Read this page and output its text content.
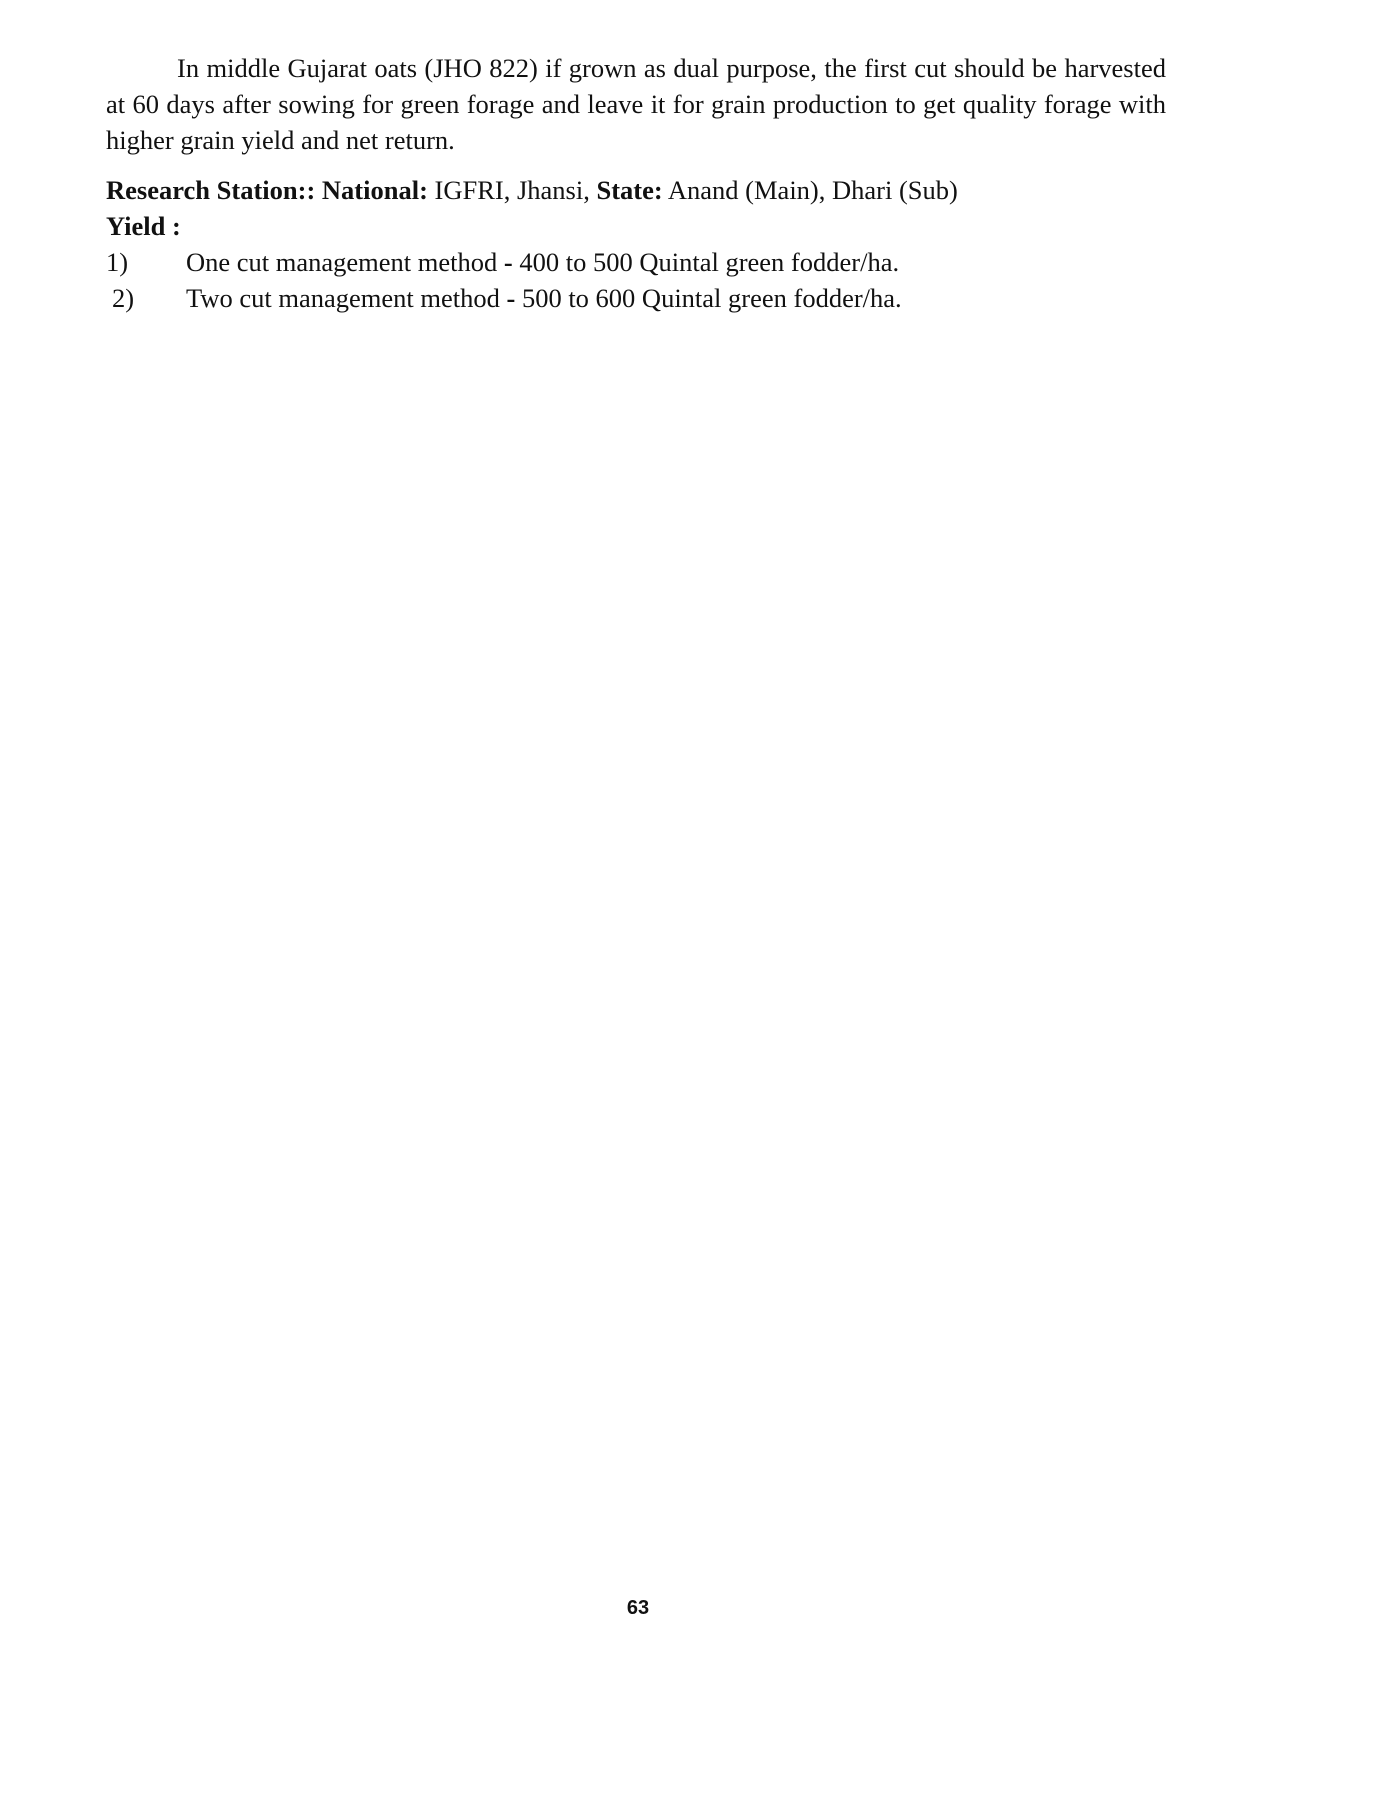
In middle Gujarat oats (JHO 822) if grown as dual purpose, the first cut should be harvested at 60 days after sowing for green forage and leave it for grain production to get quality forage with higher grain yield and net return.

Research Station:: National: IGFRI, Jhansi, State: Anand (Main), Dhari (Sub)

Yield :

1)	One cut management method - 400 to 500 Quintal green fodder/ha.
2)	Two cut management method - 500 to 600 Quintal green fodder/ha.
63
